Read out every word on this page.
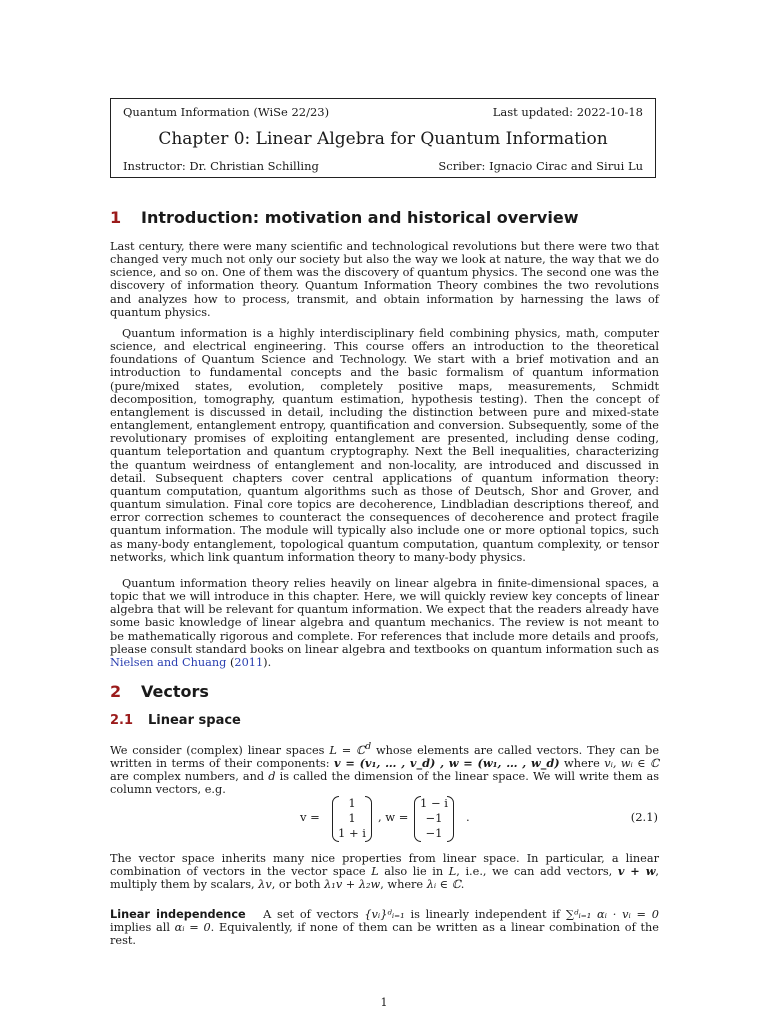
Quantum Information (WiSe 22/23)	Last updated: 2022-10-18
Chapter 0: Linear Algebra for Quantum Information
Instructor: Dr. Christian Schilling	Scriber: Ignacio Cirac and Sirui Lu
1 Introduction: motivation and historical overview

Last century, there were many scientific and technological revolutions but there were two that changed very much not only our society but also the way we look at nature, the way that we do science, and so on. One of them was the discovery of quantum physics. The second one was the discovery of information theory. Quantum Information Theory combines the two revolutions and analyzes how to process, transmit, and obtain information by harnessing the laws of quantum physics.

Quantum information is a highly interdisciplinary field combining physics, math, computer science, and electrical engineering. This course offers an introduction to the theoretical foundations of Quantum Science and Technology. We start with a brief motivation and an introduction to fundamental concepts and the basic formalism of quantum information (pure/mixed states, evolution, completely positive maps, measurements, Schmidt decomposition, tomography, quantum estimation, hypothesis testing). Then the concept of entanglement is discussed in detail, including the distinction between pure and mixed-state entanglement, entanglement entropy, quantification and conversion. Subsequently, some of the revolutionary promises of exploiting entanglement are presented, including dense coding, quantum teleportation and quantum cryptography. Next the Bell inequalities, characterizing the quantum weirdness of entanglement and non-locality, are introduced and discussed in detail. Subsequent chapters cover central applications of quantum information theory: quantum computation, quantum algorithms such as those of Deutsch, Shor and Grover, and quantum simulation. Final core topics are decoherence, Lindbladian descriptions thereof, and error correction schemes to counteract the consequences of decoherence and protect fragile quantum information. The module will typically also include one or more optional topics, such as many-body entanglement, topological quantum computation, quantum complexity, or tensor networks, which link quantum information theory to many-body physics.

Quantum information theory relies heavily on linear algebra in finite-dimensional spaces, a topic that we will introduce in this chapter. Here, we will quickly review key concepts of linear algebra that will be relevant for quantum information. We expect that the readers already have some basic knowledge of linear algebra and quantum mechanics. The review is not meant to be mathematically rigorous and complete. For references that include more details and proofs, please consult standard books on linear algebra and textbooks on quantum information such as Nielsen and Chuang (2011).

2 Vectors
2.1 Linear space

We consider (complex) linear spaces L = ℂ$^d$ whose elements are called vectors. They can be written in terms of their components: v = (v₁, … , v_d) , w = (w₁, … , w_d) where vᵢ, wᵢ ∈ ℂ are complex numbers, and d is called the dimension of the linear space. We will write them as column vectors, e.g.

v =
1
1
1 + i
, w =
1 − i
−1
−1
.	(2.1)

The vector space inherits many nice properties from linear space. In particular, a linear combination of vectors in the vector space L also lie in L, i.e., we can add vectors, v + w, multiply them by scalars, λv, or both λ₁v + λ₂w, where λᵢ ∈ ℂ.

Linear independence A set of vectors {vᵢ}ᵈᵢ₌₁ is linearly independent if ∑ᵈᵢ₌₁ αᵢ · vᵢ = 0 implies all αᵢ = 0. Equivalently, if none of them can be written as a linear combination of the rest.

1
